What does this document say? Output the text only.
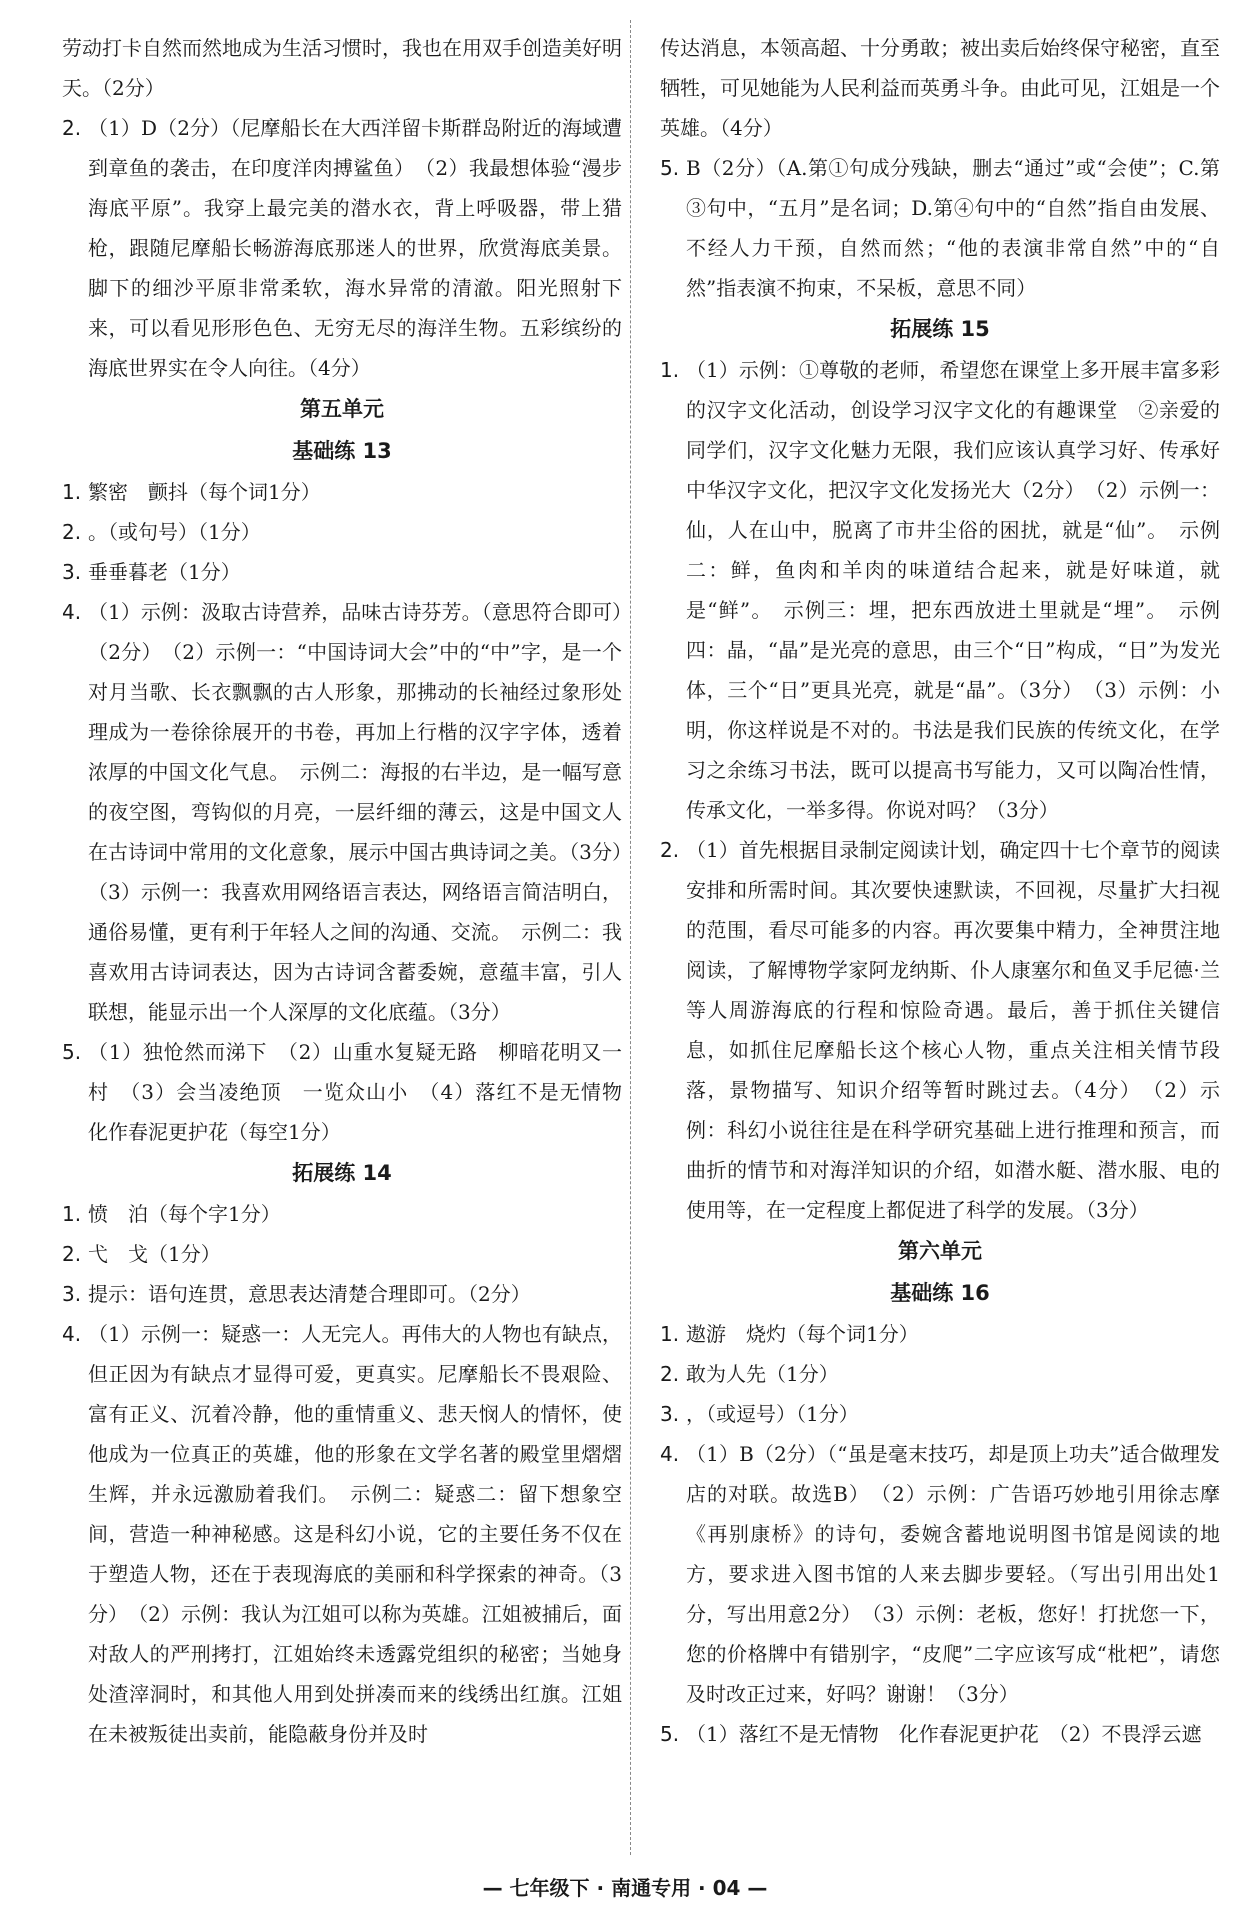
劳动打卡自然而然地成为生活习惯时，我也在用双手创造美好明天。（2分）
2. （1）D（2分）（尼摩船长在大西洋留卡斯群岛附近的海域遭到章鱼的袭击，在印度洋肉搏鲨鱼）　（2）我最想体验“漫步海底平原”。我穿上最完美的潜水衣，背上呼吸器，带上猎枪，跟随尼摩船长畅游海底那迷人的世界，欣赏海底美景。脚下的细沙平原非常柔软，海水异常的清澈。阳光照射下来，可以看见形形色色、无穷无尽的海洋生物。五彩缤纷的海底世界实在令人向往。（4分）
第五单元
基础练 13
1. 繁密　颤抖（每个词1分）
2. 。（或句号）（1分）
3. 垂垂暮老（1分）
4. （1）示例：汲取古诗营养，品味古诗芬芳。（意思符合即可）（2分）　（2）示例一：“中国诗词大会”中的“中”字，是一个对月当歌、长衣飘飘的古人形象，那拂动的长袖经过象形处理成为一卷徐徐展开的书卷，再加上行楷的汉字字体，透着浓厚的中国文化气息。　示例二：海报的右半边，是一幅写意的夜空图，弯钩似的月亮，一层纤细的薄云，这是中国文人在古诗词中常用的文化意象，展示中国古典诗词之美。（3分）　（3）示例一：我喜欢用网络语言表达，网络语言简洁明白，通俗易懂，更有利于年轻人之间的沟通、交流。　示例二：我喜欢用古诗词表达，因为古诗词含蓄委婉，意蕴丰富，引人联想，能显示出一个人深厚的文化底蕴。（3分）
5. （1）独怆然而涕下　（2）山重水复疑无路　柳暗花明又一村　（3）会当凌绝顶　一览众山小　（4）落红不是无情物　化作春泥更护花（每空1分）
拓展练 14
1. 愤　泊（每个字1分）
2. 弋　戈（1分）
3. 提示：语句连贯，意思表达清楚合理即可。（2分）
4. （1）示例一：疑惑一：人无完人。再伟大的人物也有缺点，但正因为有缺点才显得可爱，更真实。尼摩船长不畏艰险、富有正义、沉着冷静，他的重情重义、悲天悯人的情怀，使他成为一位真正的英雄，他的形象在文学名著的殿堂里熠熠生辉，并永远激励着我们。　示例二：疑惑二：留下想象空间，营造一种神秘感。这是科幻小说，它的主要任务不仅在于塑造人物，还在于表现海底的美丽和科学探索的神奇。（3分）　（2）示例：我认为江姐可以称为英雄。江姐被捕后，面对敌人的严刑拷打，江姐始终未透露党组织的秘密；当她身处渣滓洞时，和其他人用到处拼凑而来的线绣出红旗。江姐在未被叛徒出卖前，能隐蔽身份并及时
传达消息，本领高超、十分勇敢；被出卖后始终保守秘密，直至牺牲，可见她能为人民利益而英勇斗争。由此可见，江姐是一个英雄。（4分）
5. B（2分）（A.第①句成分残缺，删去“通过”或“会使”；C.第③句中，“五月”是名词；D.第④句中的“自然”指自由发展、不经人力干预，自然而然；“他的表演非常自然”中的“自然”指表演不拘束，不呆板，意思不同）
拓展练 15
1. （1）示例：①尊敬的老师，希望您在课堂上多开展丰富多彩的汉字文化活动，创设学习汉字文化的有趣课堂　②亲爱的同学们，汉字文化魅力无限，我们应该认真学习好、传承好中华汉字文化，把汉字文化发扬光大（2分）　（2）示例一：仙，人在山中，脱离了市井尘俗的困扰，就是“仙”。　示例二：鲜，鱼肉和羊肉的味道结合起来，就是好味道，就是“鲜”。　示例三：埋，把东西放进土里就是“埋”。　示例四：晶，“晶”是光亮的意思，由三个“日”构成，“日”为发光体，三个“日”更具光亮，就是“晶”。（3分）　（3）示例：小明，你这样说是不对的。书法是我们民族的传统文化，在学习之余练习书法，既可以提高书写能力，又可以陶冶性情，传承文化，一举多得。你说对吗？（3分）
2. （1）首先根据目录制定阅读计划，确定四十七个章节的阅读安排和所需时间。其次要快速默读，不回视，尽量扩大扫视的范围，看尽可能多的内容。再次要集中精力，全神贯注地阅读，了解博物学家阿龙纳斯、仆人康塞尔和鱼叉手尼德·兰等人周游海底的行程和惊险奇遇。最后，善于抓住关键信息，如抓住尼摩船长这个核心人物，重点关注相关情节段落，景物描写、知识介绍等暂时跳过去。（4分）　（2）示例：科幻小说往往是在科学研究基础上进行推理和预言，而曲折的情节和对海洋知识的介绍，如潜水艇、潜水服、电的使用等，在一定程度上都促进了科学的发展。（3分）
第六单元
基础练 16
1. 遨游　烧灼（每个词1分）
2. 敢为人先（1分）
3. ，（或逗号）（1分）
4. （1）B（2分）（“虽是毫末技巧，却是顶上功夫”适合做理发店的对联。故选B）　（2）示例：广告语巧妙地引用徐志摩《再别康桥》的诗句，委婉含蓄地说明图书馆是阅读的地方，要求进入图书馆的人来去脚步要轻。（写出引用出处1分，写出用意2分）　（3）示例：老板，您好！打扰您一下，您的价格牌中有错别字，“皮爬”二字应该写成“枇杷”，请您及时改正过来，好吗？谢谢！（3分）
5. （1）落红不是无情物　化作春泥更护花　（2）不畏浮云遮
— 七年级下 · 南通专用 · 04 —
